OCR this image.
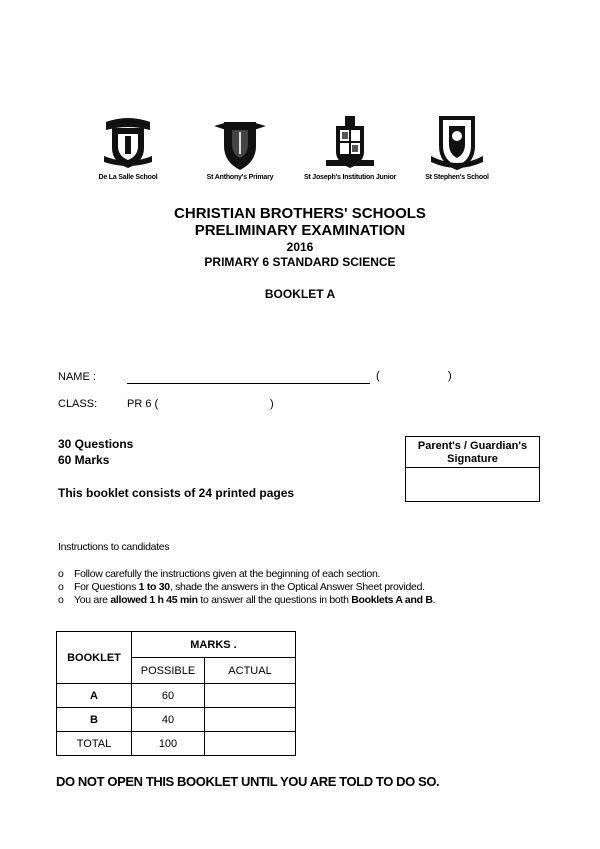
De La Salle School	St Anthony's Primary	St Joseph's Institution Junior	St Stephen's School
CHRISTIAN BROTHERS' SCHOOLS
PRELIMINARY EXAMINATION
2016
PRIMARY 6 STANDARD SCIENCE
BOOKLET A
NAME :	(	)
CLASS:	PR 6 (	)
30 Questions
60 Marks
This booklet consists of 24 printed pages
Parent's / Guardian's
Signature
Instructions to candidates
o Follow carefully the instructions given at the beginning of each section.
o For Questions 1 to 30, shade the answers in the Optical Answer Sheet provided.
o You are allowed 1 h 45 min to answer all the questions in both Booklets A and B.
BOOKLET	MARKS .	
	POSSIBLE	ACTUAL
A	60	
B	40	
TOTAL	100	
DO NOT OPEN THIS BOOKLET UNTIL YOU ARE TOLD TO DO SO.
